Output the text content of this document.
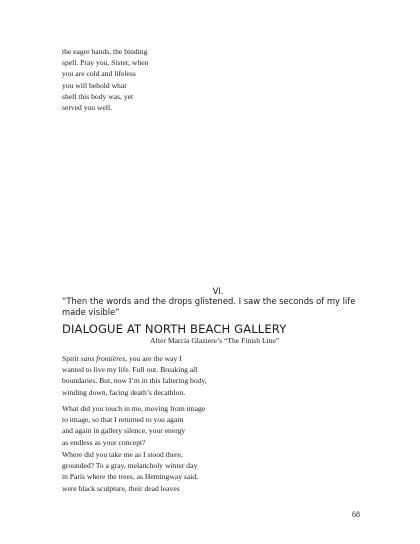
the eager hands, the binding
spell. Pray you, Sister, when
you are cold and lifeless
you will behold what
shell this body was, yet
served you well.
VI.
“Then the words and the drops glistened. I saw the seconds of my life
made visible”
DIALOGUE AT NORTH BEACH GALLERY
After Marcia Glaziere’s “The Finish Line”
Spirit sans frontières, you are the way I
wanted to live my life. Full out. Breaking all
boundaries. But, now I’m in this faltering body,
winding down, facing death’s decathlon.
What did you touch in me, moving from image
to image, so that I returned to you again
and again in gallery silence, your energy
as endless as your concept?
Where did you take me as I stood there,
grounded? To a gray, melancholy winter day
in Paris where the trees, as Hemingway said,
were black sculpture, their dead leaves
68
